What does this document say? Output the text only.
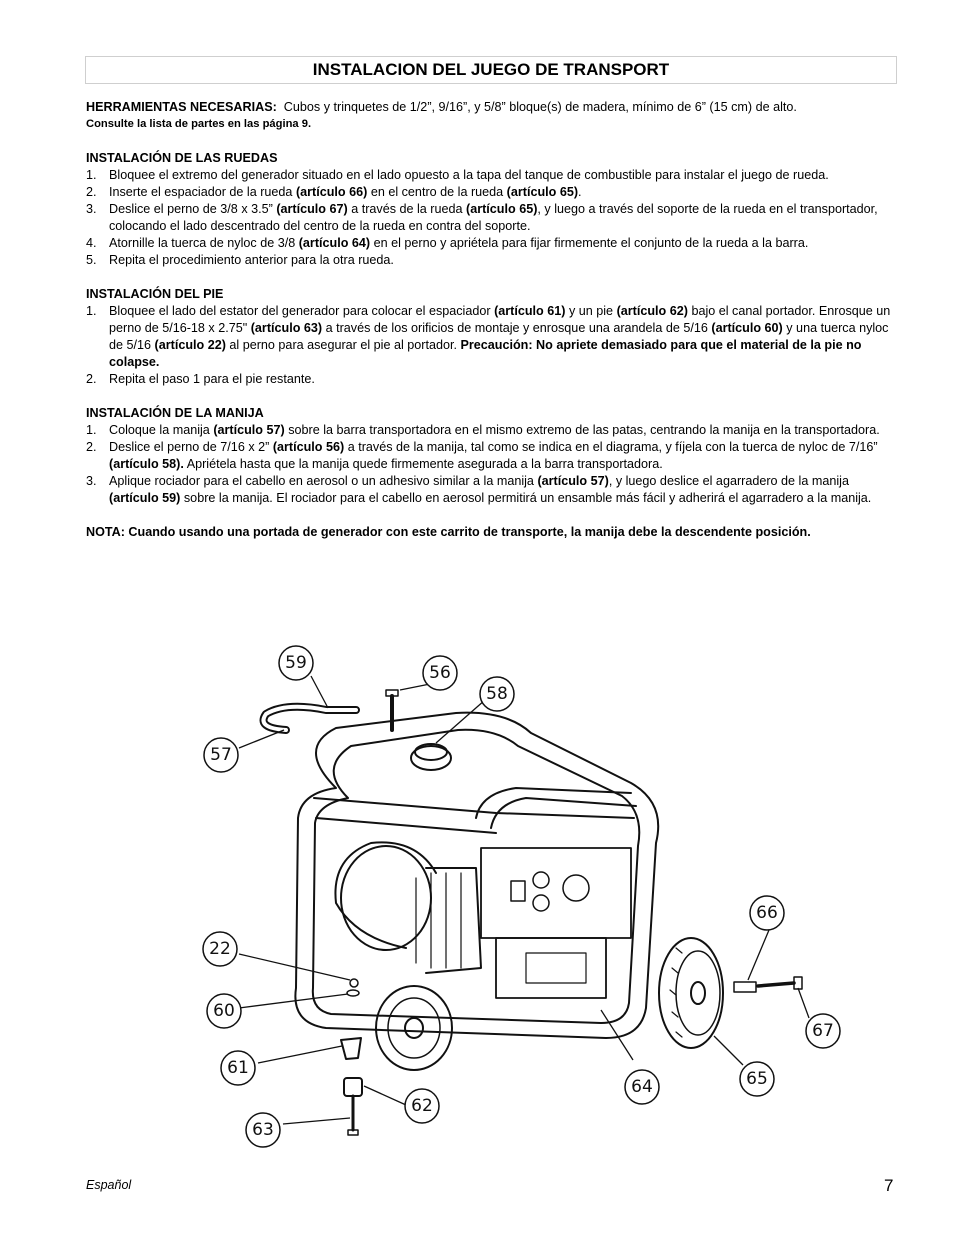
INSTALACION DEL JUEGO DE TRANSPORT

HERRAMIENTAS NECESARIAS: Cubos y trinquetes de 1/2”, 9/16”, y 5/8” bloque(s) de madera, mínimo de 6” (15 cm) de alto.

Consulte la lista de partes en las página 9.

INSTALACIÓN DE LAS RUEDAS

1. Bloquee el extremo del generador situado en el lado opuesto a la tapa del tanque de combustible para instalar el juego de rueda.
2. Inserte el espaciador de la rueda (artículo 66) en el centro de la rueda (artículo 65).
3. Deslice el perno de 3/8 x 3.5” (artículo 67) a través de la rueda (artículo 65), y luego a través del soporte de la rueda en el transportador, colocando el lado descentrado del centro de la rueda en contra del soporte.
4. Atornille la tuerca de nyloc de 3/8 (artículo 64) en el perno y apriétela para fijar firmemente el conjunto de la rueda a la barra.
5. Repita el procedimiento anterior para la otra rueda.

INSTALACIÓN DEL PIE

1. Bloquee el lado del estator del generador para colocar el espaciador (artículo 61) y un pie (artículo 62) bajo el canal portador. Enrosque un perno de 5/16-18 x 2.75" (artículo 63) a través de los orificios de montaje y enrosque una arandela de 5/16 (artículo 60) y una tuerca nyloc de 5/16 (artículo 22) al perno para asegurar el pie al portador. Precaución: No apriete demasiado para que el material de la pie no colapse.
2. Repita el paso 1 para el pie restante.

INSTALACIÓN DE LA MANIJA

1. Coloque la manija (artículo 57) sobre la barra transportadora en el mismo extremo de las patas, centrando la manija en la transportadora.
2. Deslice el perno de 7/16 x 2” (artículo 56) a través de la manija, tal como se indica en el diagrama, y fíjela con la tuerca de nyloc de 7/16” (artículo 58). Apriétela hasta que la manija quede firmemente asegurada a la barra transportadora.
3. Aplique rociador para el cabello en aerosol o un adhesivo similar a la manija (artículo 57), y luego deslice el agarradero de la manija (artículo 59) sobre la manija. El rociador para el cabello en aerosol permitirá un ensamble más fácil y adherirá el agarradero a la manija.

NOTA: Cuando usando una portada de generador con este carrito de transporte, la manija debe la descendente posición.

59	56
58
57
66
22
60
67
61
64	65
62
63
Español	7
